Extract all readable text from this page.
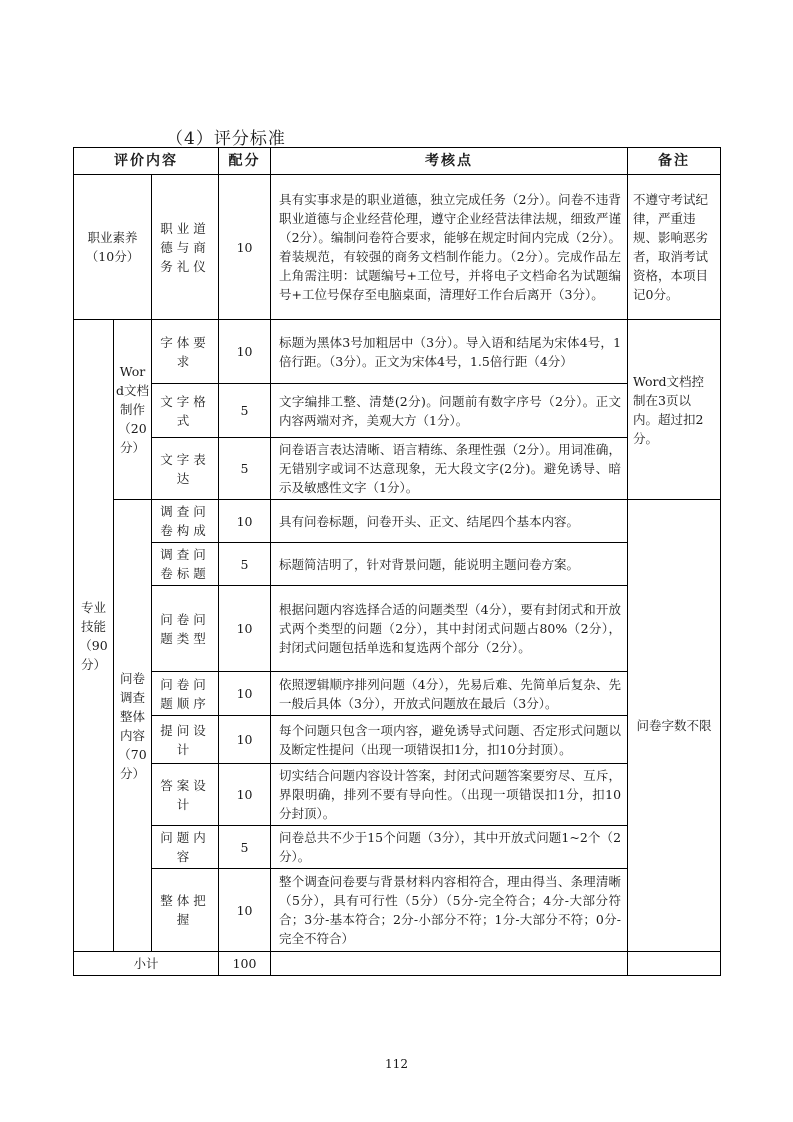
（4）评分标准
评价内容			配分	考核点	备注
职业素养（10分）		职业道德与商务礼仪	10	具有实事求是的职业道德，独立完成任务（2分）。问卷不违背职业道德与企业经营伦理，遵守企业经营法律法规，细致严谨（2分）。编制问卷符合要求，能够在规定时间内完成（2分）。着装规范，有较强的商务文档制作能力。（2分）。完成作品左上角需注明：试题编号+工位号，并将电子文档命名为试题编号+工位号保存至电脑桌面，清理好工作台后离开（3分）。	不遵守考试纪律，严重违规、影响恶劣者，取消考试资格，本项目记0分。
专业技能（90分）	Word文档制作（20分）	字体要求	10	标题为黑体3号加粗居中（3分）。导入语和结尾为宋体4号，1倍行距。（3分）。正文为宋体4号，1.5倍行距（4分）	Word文档控制在3页以内。超过扣2分。
		文字格式	5	文字编排工整、清楚(2分)。问题前有数字序号（2分）。正文内容两端对齐，美观大方（1分）。	
		文字表达	5	问卷语言表达清晰、语言精练、条理性强（2分）。用词准确，无错别字或词不达意现象，无大段文字(2分)。避免诱导、暗示及敏感性文字（1分）。	
	问卷调查整体内容（70分）	调查问卷构成	10	具有问卷标题，问卷开头、正文、结尾四个基本内容。	问卷字数不限
		调查问卷标题	5	标题简洁明了，针对背景问题，能说明主题问卷方案。	
		问卷问题类型	10	根据问题内容选择合适的问题类型（4分），要有封闭式和开放式两个类型的问题（2分），其中封闭式问题占80%（2分），封闭式问题包括单选和复选两个部分（2分）。	
		问卷问题顺序	10	依照逻辑顺序排列问题（4分），先易后难、先简单后复杂、先一般后具体（3分），开放式问题放在最后（3分）。	
		提问设计	10	每个问题只包含一项内容，避免诱导式问题、否定形式问题以及断定性提问（出现一项错误扣1分，扣10分封顶）。	
		答案设计	10	切实结合问题内容设计答案，封闭式问题答案要穷尽、互斥，界限明确，排列不要有导向性。（出现一项错误扣1分，扣10分封顶）。	
		问题内容	5	问卷总共不少于15个问题（3分），其中开放式问题1~2个（2分）。	
		整体把握	10	整个调查问卷要与背景材料内容相符合，理由得当、条理清晰（5分），具有可行性（5分）（5分-完全符合；4分-大部分符合；3分-基本符合；2分-小部分不符；1分-大部分不符；0分-完全不符合）	
小计			100		
112
